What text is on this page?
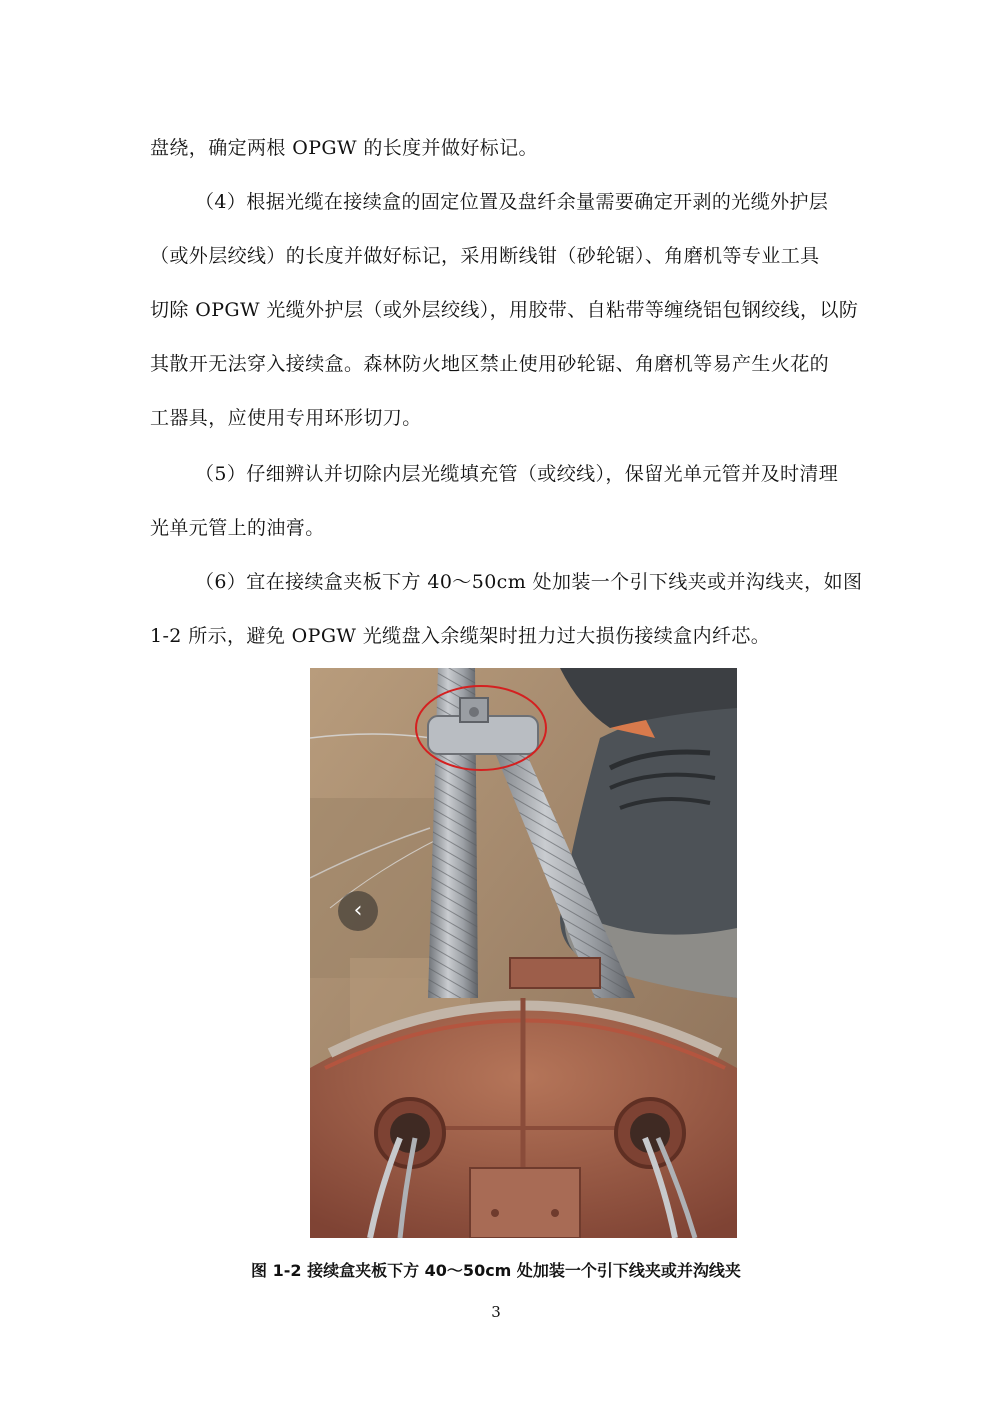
盘绕，确定两根 OPGW 的长度并做好标记。
（4）根据光缆在接续盒的固定位置及盘纤余量需要确定开剥的光缆外护层
（或外层绞线）的长度并做好标记，采用断线钳（砂轮锯）、角磨机等专业工具
切除 OPGW 光缆外护层（或外层绞线），用胶带、自粘带等缠绕铝包钢绞线，以防
其散开无法穿入接续盒。森林防火地区禁止使用砂轮锯、角磨机等易产生火花的
工器具，应使用专用环形切刀。
（5）仔细辨认并切除内层光缆填充管（或绞线），保留光单元管并及时清理
光单元管上的油膏。
（6）宜在接续盒夹板下方 40～50cm 处加装一个引下线夹或并沟线夹，如图
1-2 所示，避免 OPGW 光缆盘入余缆架时扭力过大损伤接续盒内纤芯。
‹
图 1-2 接续盒夹板下方 40～50cm 处加装一个引下线夹或并沟线夹
3
